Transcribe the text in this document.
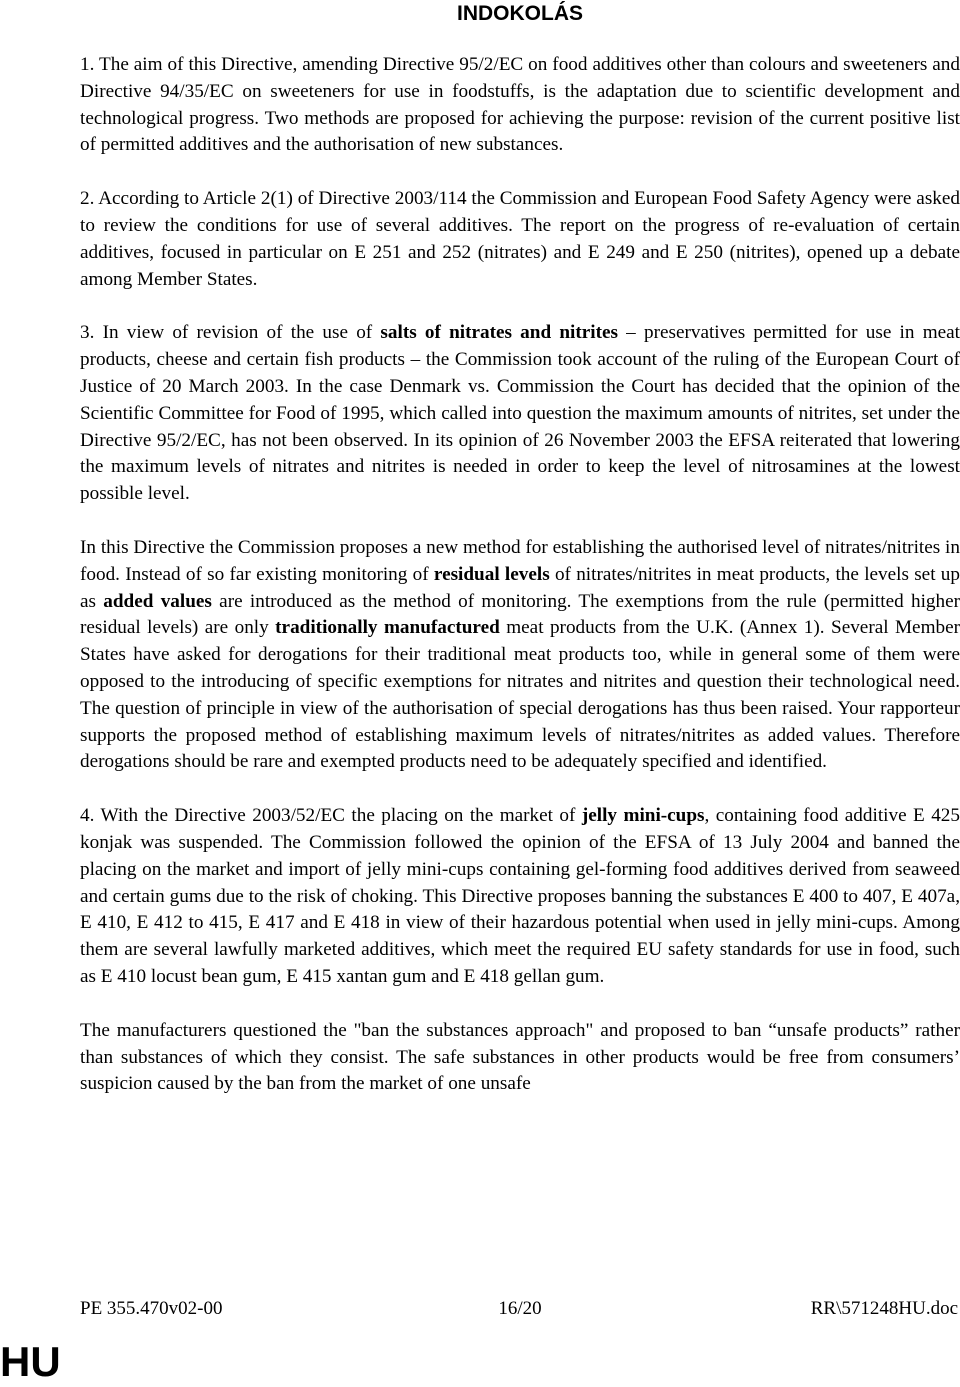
INDOKOLÁS

1. The aim of this Directive, amending Directive 95/2/EC on food additives other than colours and sweeteners and Directive 94/35/EC on sweeteners for use in foodstuffs, is the adaptation due to scientific development and technological progress. Two methods are proposed for achieving the purpose: revision of the current positive list of permitted additives and the authorisation of new substances.

2. According to Article 2(1) of Directive 2003/114 the Commission and European Food Safety Agency were asked to review the conditions for use of several additives. The report on the progress of re-evaluation of certain additives, focused in particular on E 251 and 252 (nitrates) and E 249 and E 250 (nitrites), opened up a debate among Member States.

3. In view of revision of the use of salts of nitrates and nitrites – preservatives permitted for use in meat products, cheese and certain fish products – the Commission took account of the ruling of the European Court of Justice of 20 March 2003. In the case Denmark vs. Commission the Court has decided that the opinion of the Scientific Committee for Food of 1995, which called into question the maximum amounts of nitrites, set under the Directive 95/2/EC, has not been observed. In its opinion of 26 November 2003 the EFSA reiterated that lowering the maximum levels of nitrates and nitrites is needed in order to keep the level of nitrosamines at the lowest possible level.

In this Directive the Commission proposes a new method for establishing the authorised level of nitrates/nitrites in food. Instead of so far existing monitoring of residual levels of nitrates/nitrites in meat products, the levels set up as added values are introduced as the method of monitoring. The exemptions from the rule (permitted higher residual levels) are only traditionally manufactured meat products from the U.K. (Annex 1). Several Member States have asked for derogations for their traditional meat products too, while in general some of them were opposed to the introducing of specific exemptions for nitrates and nitrites and question their technological need. The question of principle in view of the authorisation of special derogations has thus been raised. Your rapporteur supports the proposed method of establishing maximum levels of nitrates/nitrites as added values. Therefore derogations should be rare and exempted products need to be adequately specified and identified.

4. With the Directive 2003/52/EC the placing on the market of jelly mini-cups, containing food additive E 425 konjak was suspended. The Commission followed the opinion of the EFSA of 13 July 2004 and banned the placing on the market and import of jelly mini-cups containing gel-forming food additives derived from seaweed and certain gums due to the risk of choking. This Directive proposes banning the substances E 400 to 407, E 407a, E 410, E 412 to 415, E 417 and E 418 in view of their hazardous potential when used in jelly mini-cups. Among them are several lawfully marketed additives, which meet the required EU safety standards for use in food, such as E 410 locust bean gum, E 415 xantan gum and E 418 gellan gum.

The manufacturers questioned the "ban the substances approach" and proposed to ban “unsafe products” rather than substances of which they consist. The safe substances in other products would be free from consumers’ suspicion caused by the ban from the market of one unsafe

PE 355.470v02-00	16/20	RR\571248HU.doc
HU
